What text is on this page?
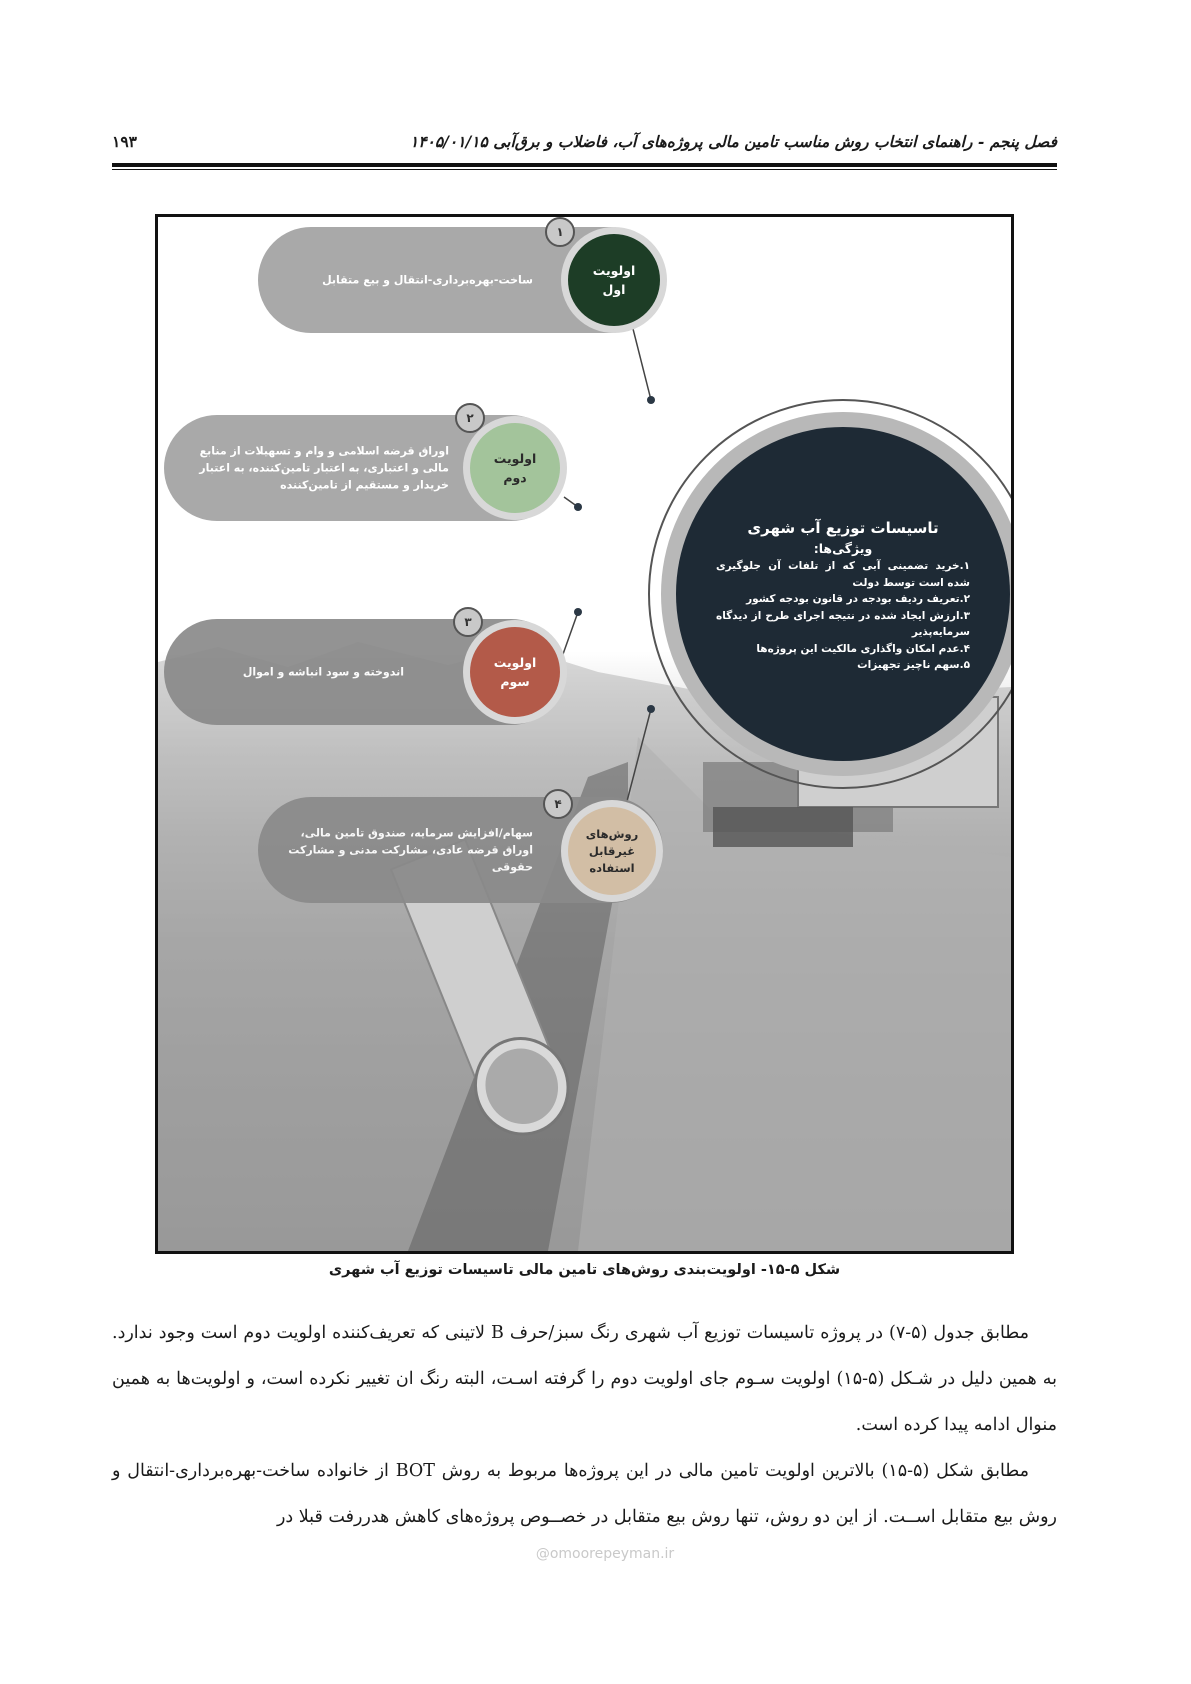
فصل پنجم - راهنمای انتخاب روش مناسب تامین مالی پروژه‌های آب، فاضلاب و برق‌آبی ۱۴۰۵/۰۱/۱۵
۱۹۳
تاسیسات توزیع آب شهری
ویژگی‌ها:
۱.خرید تضمینی آبی که از تلفات آن جلوگیری شده است توسط دولت
۲.تعریف ردیف بودجه در قانون بودجه کشور
۳.ارزش ایجاد شده در نتیجه اجرای طرح از دیدگاه سرمایه‌پذیر
۴.عدم امکان واگذاری مالکیت این پروژه‌ها
۵.سهم ناچیز تجهیزات
ساخت-بهره‌برداری-انتقال و بیع متقابل
اولویت
اول
۱
اوراق قرضه اسلامی و وام و تسهیلات از منابع مالی و اعتباری، به اعتبار تامین‌کننده، به اعتبار خریدار و مستقیم از تامین‌کننده
اولویت
دوم
۲
اندوخته و سود انباشه و اموال
اولویت
سوم
۳
سهام/افزایش سرمایه، صندوق تامین مالی، اوراق قرضه عادی، مشارکت مدنی و مشارکت حقوقی
روش‌های
غیرقابل
استفاده
۴
شکل ۵-۱۵- اولویت‌بندی روش‌های تامین مالی تاسیسات توزیع آب شهری

مطابق جدول (۵-۷) در پروژه تاسیسات توزیع آب شهری رنگ سبز/حرف B لاتینی که تعریف‌کننده اولویت دوم است وجود ندارد. به همین دلیل در شـکل (۵-۱۵) اولویت سـوم جای اولویت دوم را گرفته اسـت، البته رنگ ان تغییر نکرده است، و اولویت‌ها به همین منوال ادامه پیدا کرده است.

مطابق شکل (۵-۱۵) بالاترین اولویت تامین مالی در این پروژه‌ها مربوط به روش BOT از خانواده ساخت-بهره‌برداری-انتقال و روش بیع متقابل اســت. از این دو روش، تنها روش بیع متقابل در خصــوص پروژه‌های کاهش هدررفت قبلا در

@omoorepeyman.ir
